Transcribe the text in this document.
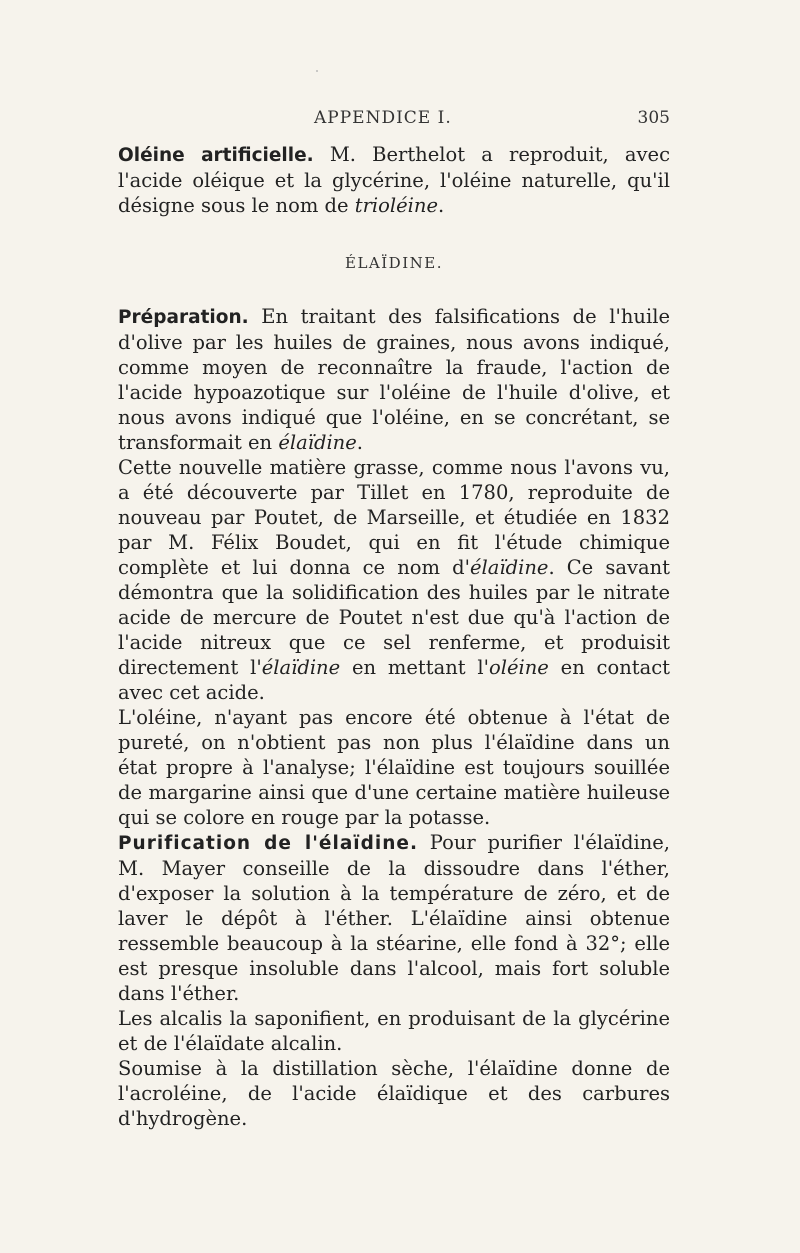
APPENDICE I.	305

Oléine artificielle. M. Berthelot a reproduit, avec l'acide oléique et la glycérine, l'oléine naturelle, qu'il désigne sous le nom de trioléine.

ÉLAÏDINE.

Préparation. En traitant des falsifications de l'huile d'olive par les huiles de graines, nous avons indiqué, comme moyen de reconnaître la fraude, l'action de l'acide hypoazotique sur l'oléine de l'huile d'olive, et nous avons indiqué que l'oléine, en se concrétant, se transformait en élaïdine.

Cette nouvelle matière grasse, comme nous l'avons vu, a été découverte par Tillet en 1780, reproduite de nouveau par Poutet, de Marseille, et étudiée en 1832 par M. Félix Boudet, qui en fit l'étude chimique complète et lui donna ce nom d'élaïdine. Ce savant démontra que la solidification des huiles par le nitrate acide de mercure de Poutet n'est due qu'à l'action de l'acide nitreux que ce sel renferme, et produisit directement l'élaïdine en mettant l'oléine en contact avec cet acide.

L'oléine, n'ayant pas encore été obtenue à l'état de pureté, on n'obtient pas non plus l'élaïdine dans un état propre à l'analyse; l'élaïdine est toujours souillée de margarine ainsi que d'une certaine matière huileuse qui se colore en rouge par la potasse.

Purification de l'élaïdine. Pour purifier l'élaïdine, M. Mayer conseille de la dissoudre dans l'éther, d'exposer la solution à la température de zéro, et de laver le dépôt à l'éther. L'élaïdine ainsi obtenue ressemble beaucoup à la stéarine, elle fond à 32°; elle est presque insoluble dans l'alcool, mais fort soluble dans l'éther.

Les alcalis la saponifient, en produisant de la glycérine et de l'élaïdate alcalin.

Soumise à la distillation sèche, l'élaïdine donne de l'acroléine, de l'acide élaïdique et des carbures d'hydrogène.
